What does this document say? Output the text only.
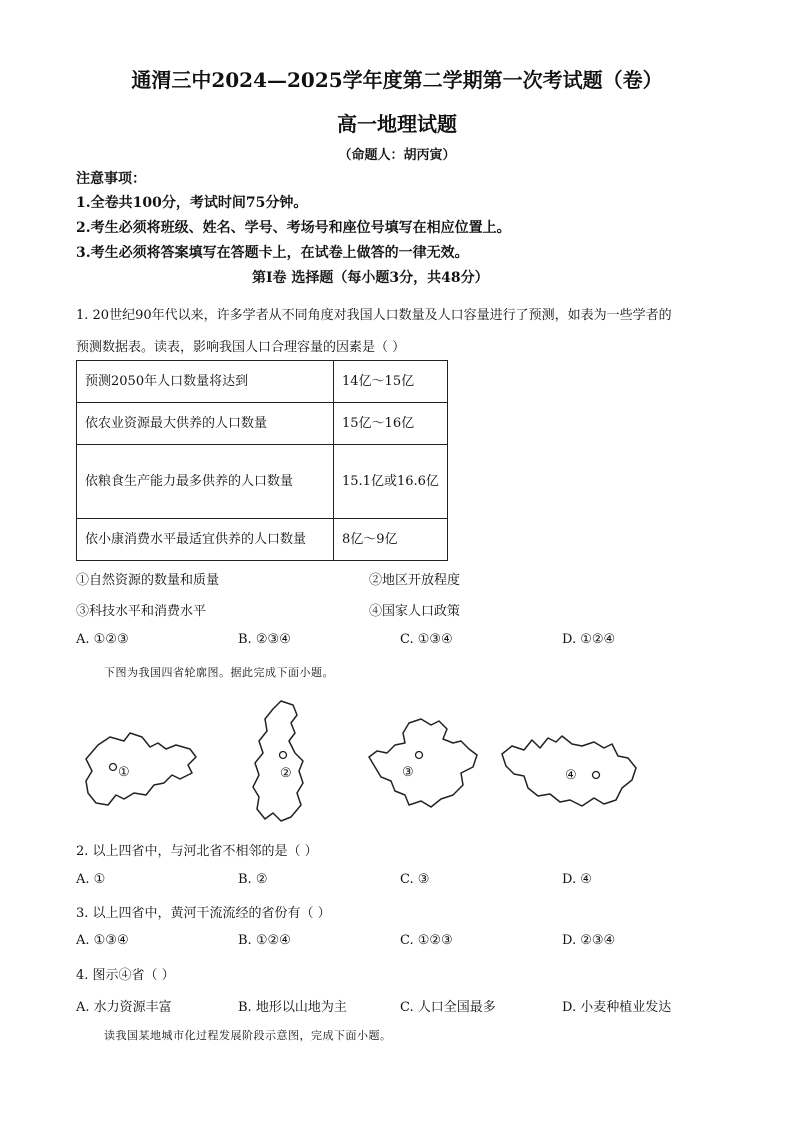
通渭三中2024—2025学年度第二学期第一次考试题（卷）
高一地理试题
（命题人：胡丙寅）
注意事项：
1.全卷共100分，考试时间75分钟。
2.考生必须将班级、姓名、学号、考场号和座位号填写在相应位置上。
3.考生必须将答案填写在答题卡上，在试卷上做答的一律无效。
第Ⅰ卷 选择题（每小题3分，共48分）
1. 20世纪90年代以来，许多学者从不同角度对我国人口数量及人口容量进行了预测，如表为一些学者的
预测数据表。读表，影响我国人口合理容量的因素是（ ）
预测2050年人口数量将达到	14亿～15亿
依农业资源最大供养的人口数量	15亿～16亿
依粮食生产能力最多供养的人口数量	15.1亿或16.6亿
依小康消费水平最适宜供养的人口数量	8亿～9亿
①自然资源的数量和质量	②地区开放程度
③科技水平和消费水平	④国家人口政策
A. ①②③	B. ②③④	C. ①③④	D. ①②④
下图为我国四省轮廓图。据此完成下面小题。
①	②	③	④
2. 以上四省中，与河北省不相邻的是（ ）
A. ①	B. ②	C. ③	D. ④
3. 以上四省中，黄河干流流经的省份有（ ）
A. ①③④	B. ①②④	C. ①②③	D. ②③④
4. 图示④省（ ）
A. 水力资源丰富	B. 地形以山地为主	C. 人口全国最多	D. 小麦种植业发达
读我国某地城市化过程发展阶段示意图，完成下面小题。
